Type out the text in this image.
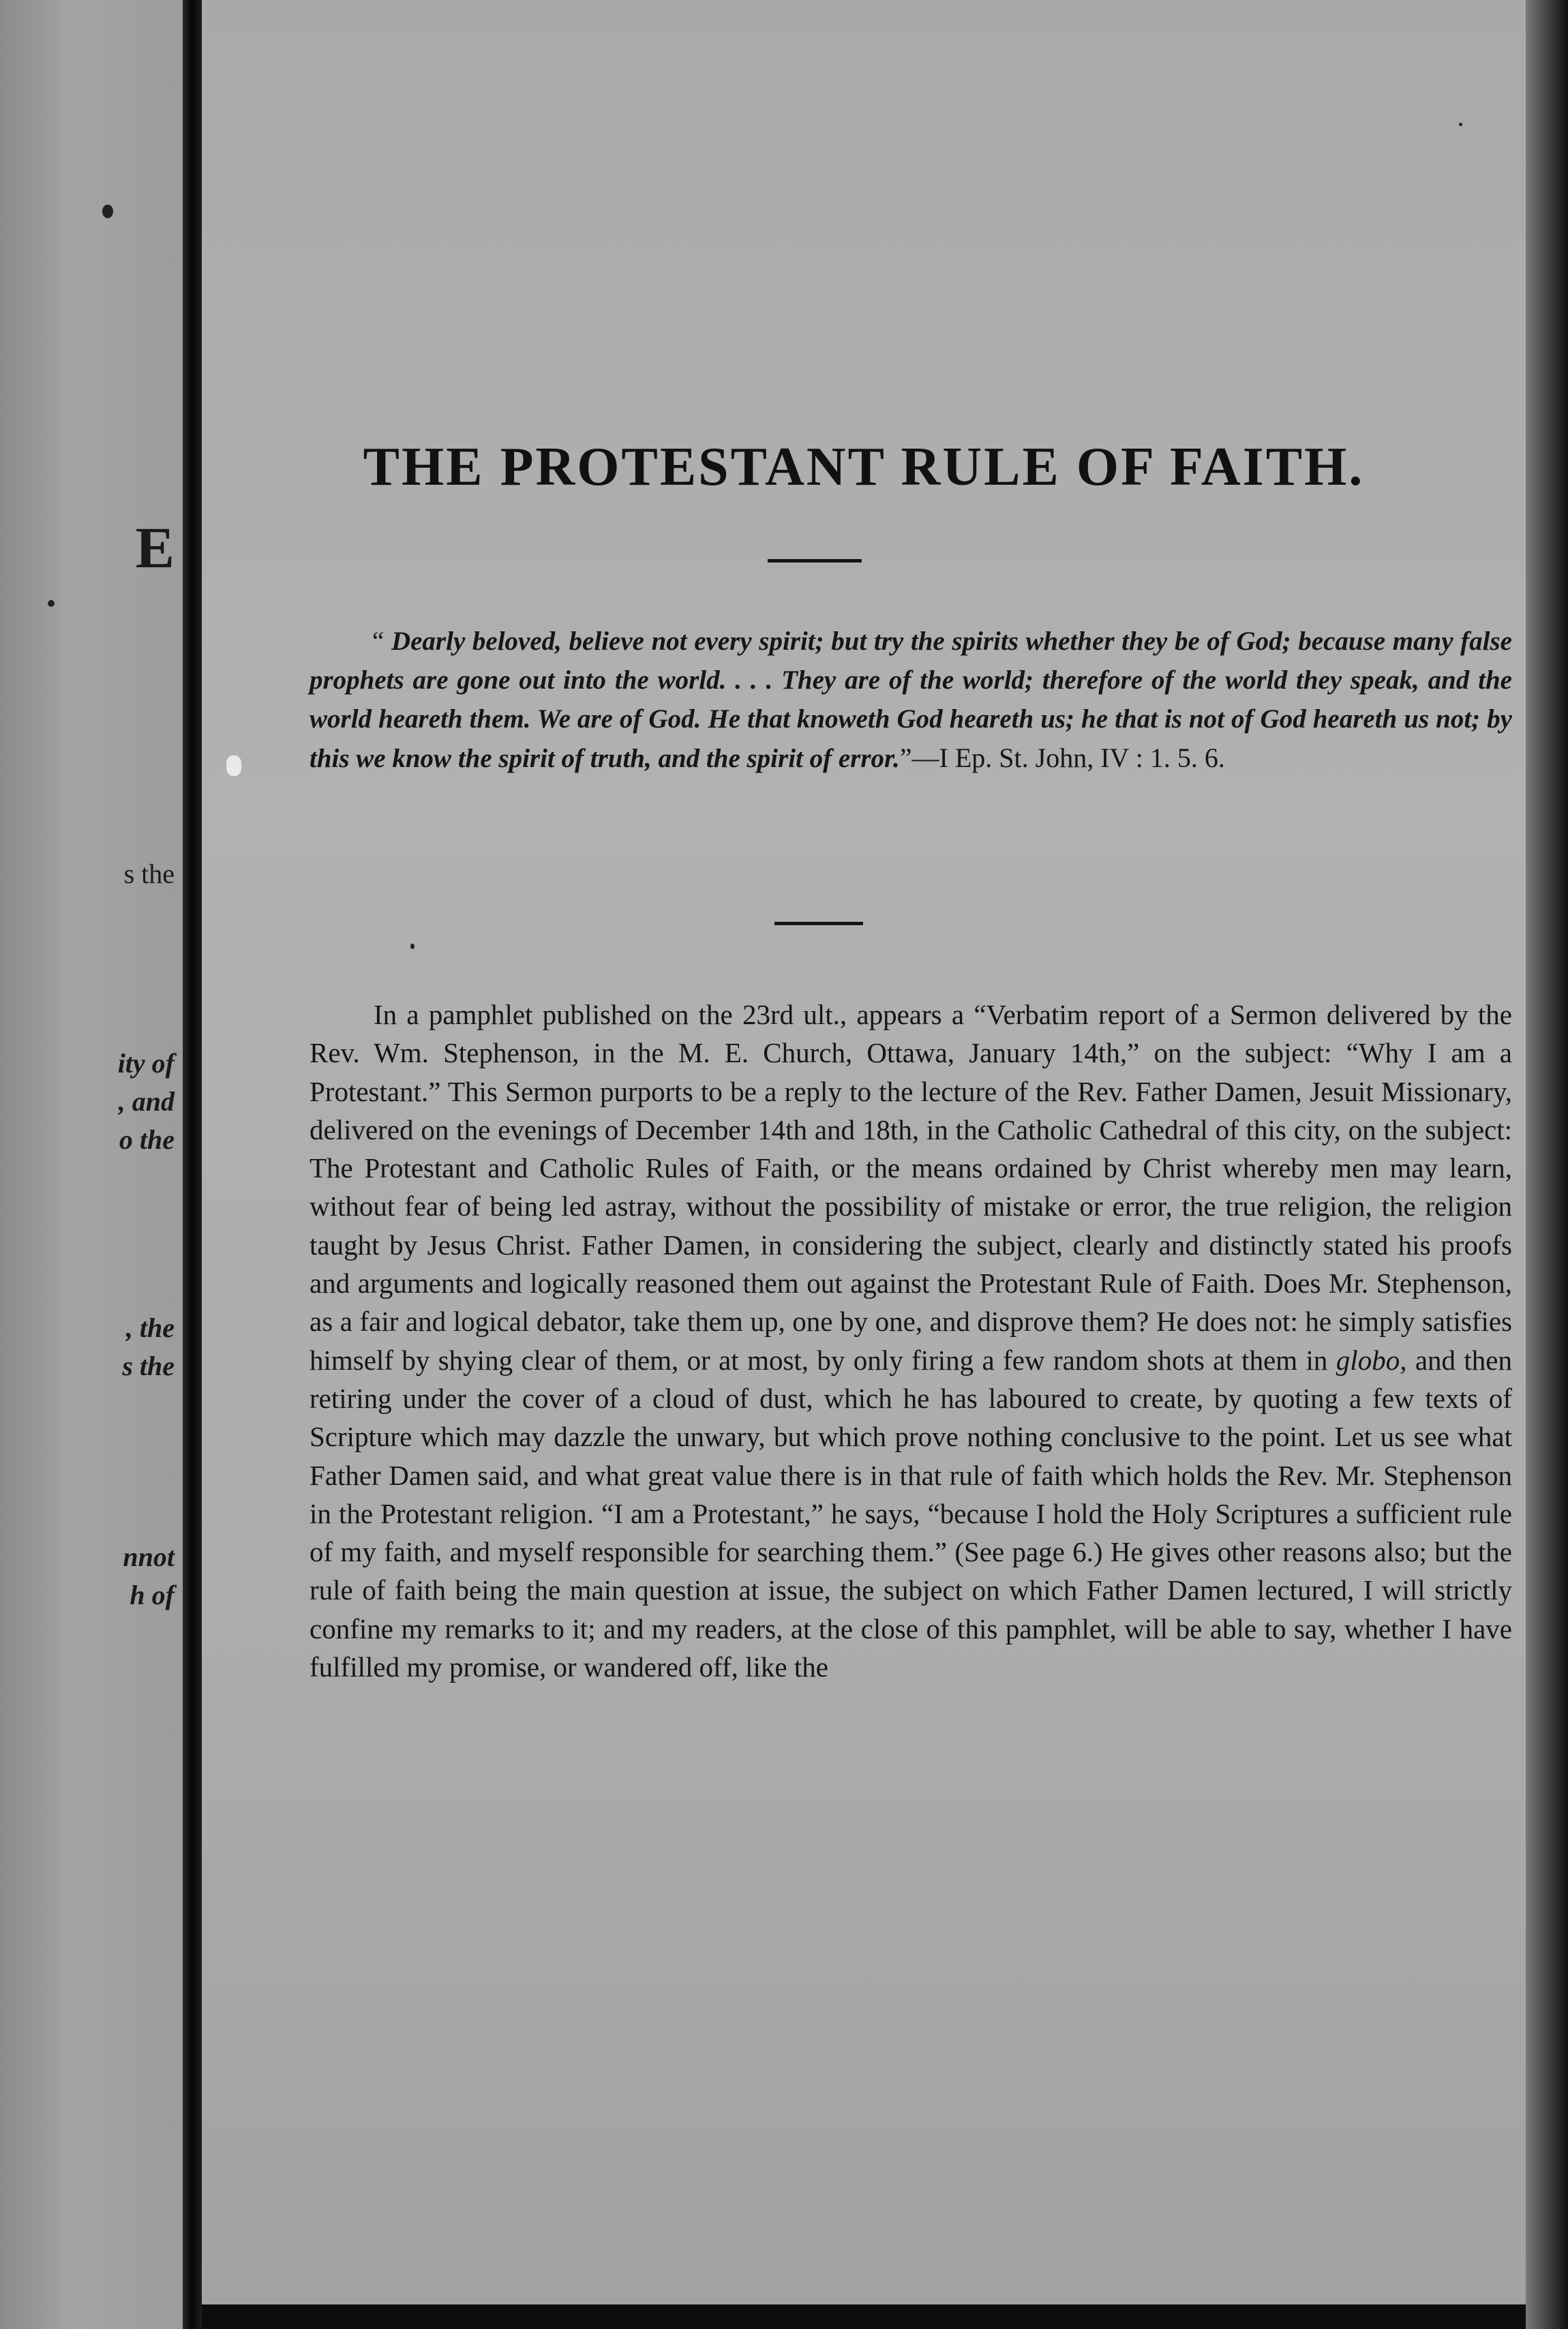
E
s the
ity of
, and
o the
, the
s the
nnot
h of
THE PROTESTANT RULE OF FAITH.

“ Dearly beloved, believe not every spirit; but try the spirits whether they be of God; because many false prophets are gone out into the world. . . . They are of the world; therefore of the world they speak, and the world heareth them. We are of God. He that knoweth God heareth us; he that is not of God heareth us not; by this we know the spirit of truth, and the spirit of error.”—I Ep. St. John, IV : 1. 5. 6.

In a pamphlet published on the 23rd ult., appears a “Verbatim report of a Sermon delivered by the Rev. Wm. Stephenson, in the M. E. Church, Ottawa, January 14th,” on the subject: “Why I am a Protestant.” This Sermon purports to be a reply to the lecture of the Rev. Father Damen, Jesuit Missionary, delivered on the evenings of December 14th and 18th, in the Catholic Cathedral of this city, on the subject: The Protestant and Catholic Rules of Faith, or the means ordained by Christ whereby men may learn, without fear of being led astray, without the possibility of mistake or error, the true religion, the religion taught by Jesus Christ. Father Damen, in considering the subject, clearly and distinctly stated his proofs and arguments and logically reasoned them out against the Protestant Rule of Faith. Does Mr. Stephenson, as a fair and logical debator, take them up, one by one, and disprove them? He does not: he simply satisfies himself by shying clear of them, or at most, by only firing a few random shots at them in globo, and then retiring under the cover of a cloud of dust, which he has laboured to create, by quoting a few texts of Scripture which may dazzle the unwary, but which prove nothing conclusive to the point. Let us see what Father Damen said, and what great value there is in that rule of faith which holds the Rev. Mr. Stephenson in the Protestant religion. “I am a Protestant,” he says, “because I hold the Holy Scriptures a sufficient rule of my faith, and myself responsible for searching them.” (See page 6.) He gives other reasons also; but the rule of faith being the main question at issue, the subject on which Father Damen lectured, I will strictly confine my remarks to it; and my readers, at the close of this pamphlet, will be able to say, whether I have fulfilled my promise, or wandered off, like the
